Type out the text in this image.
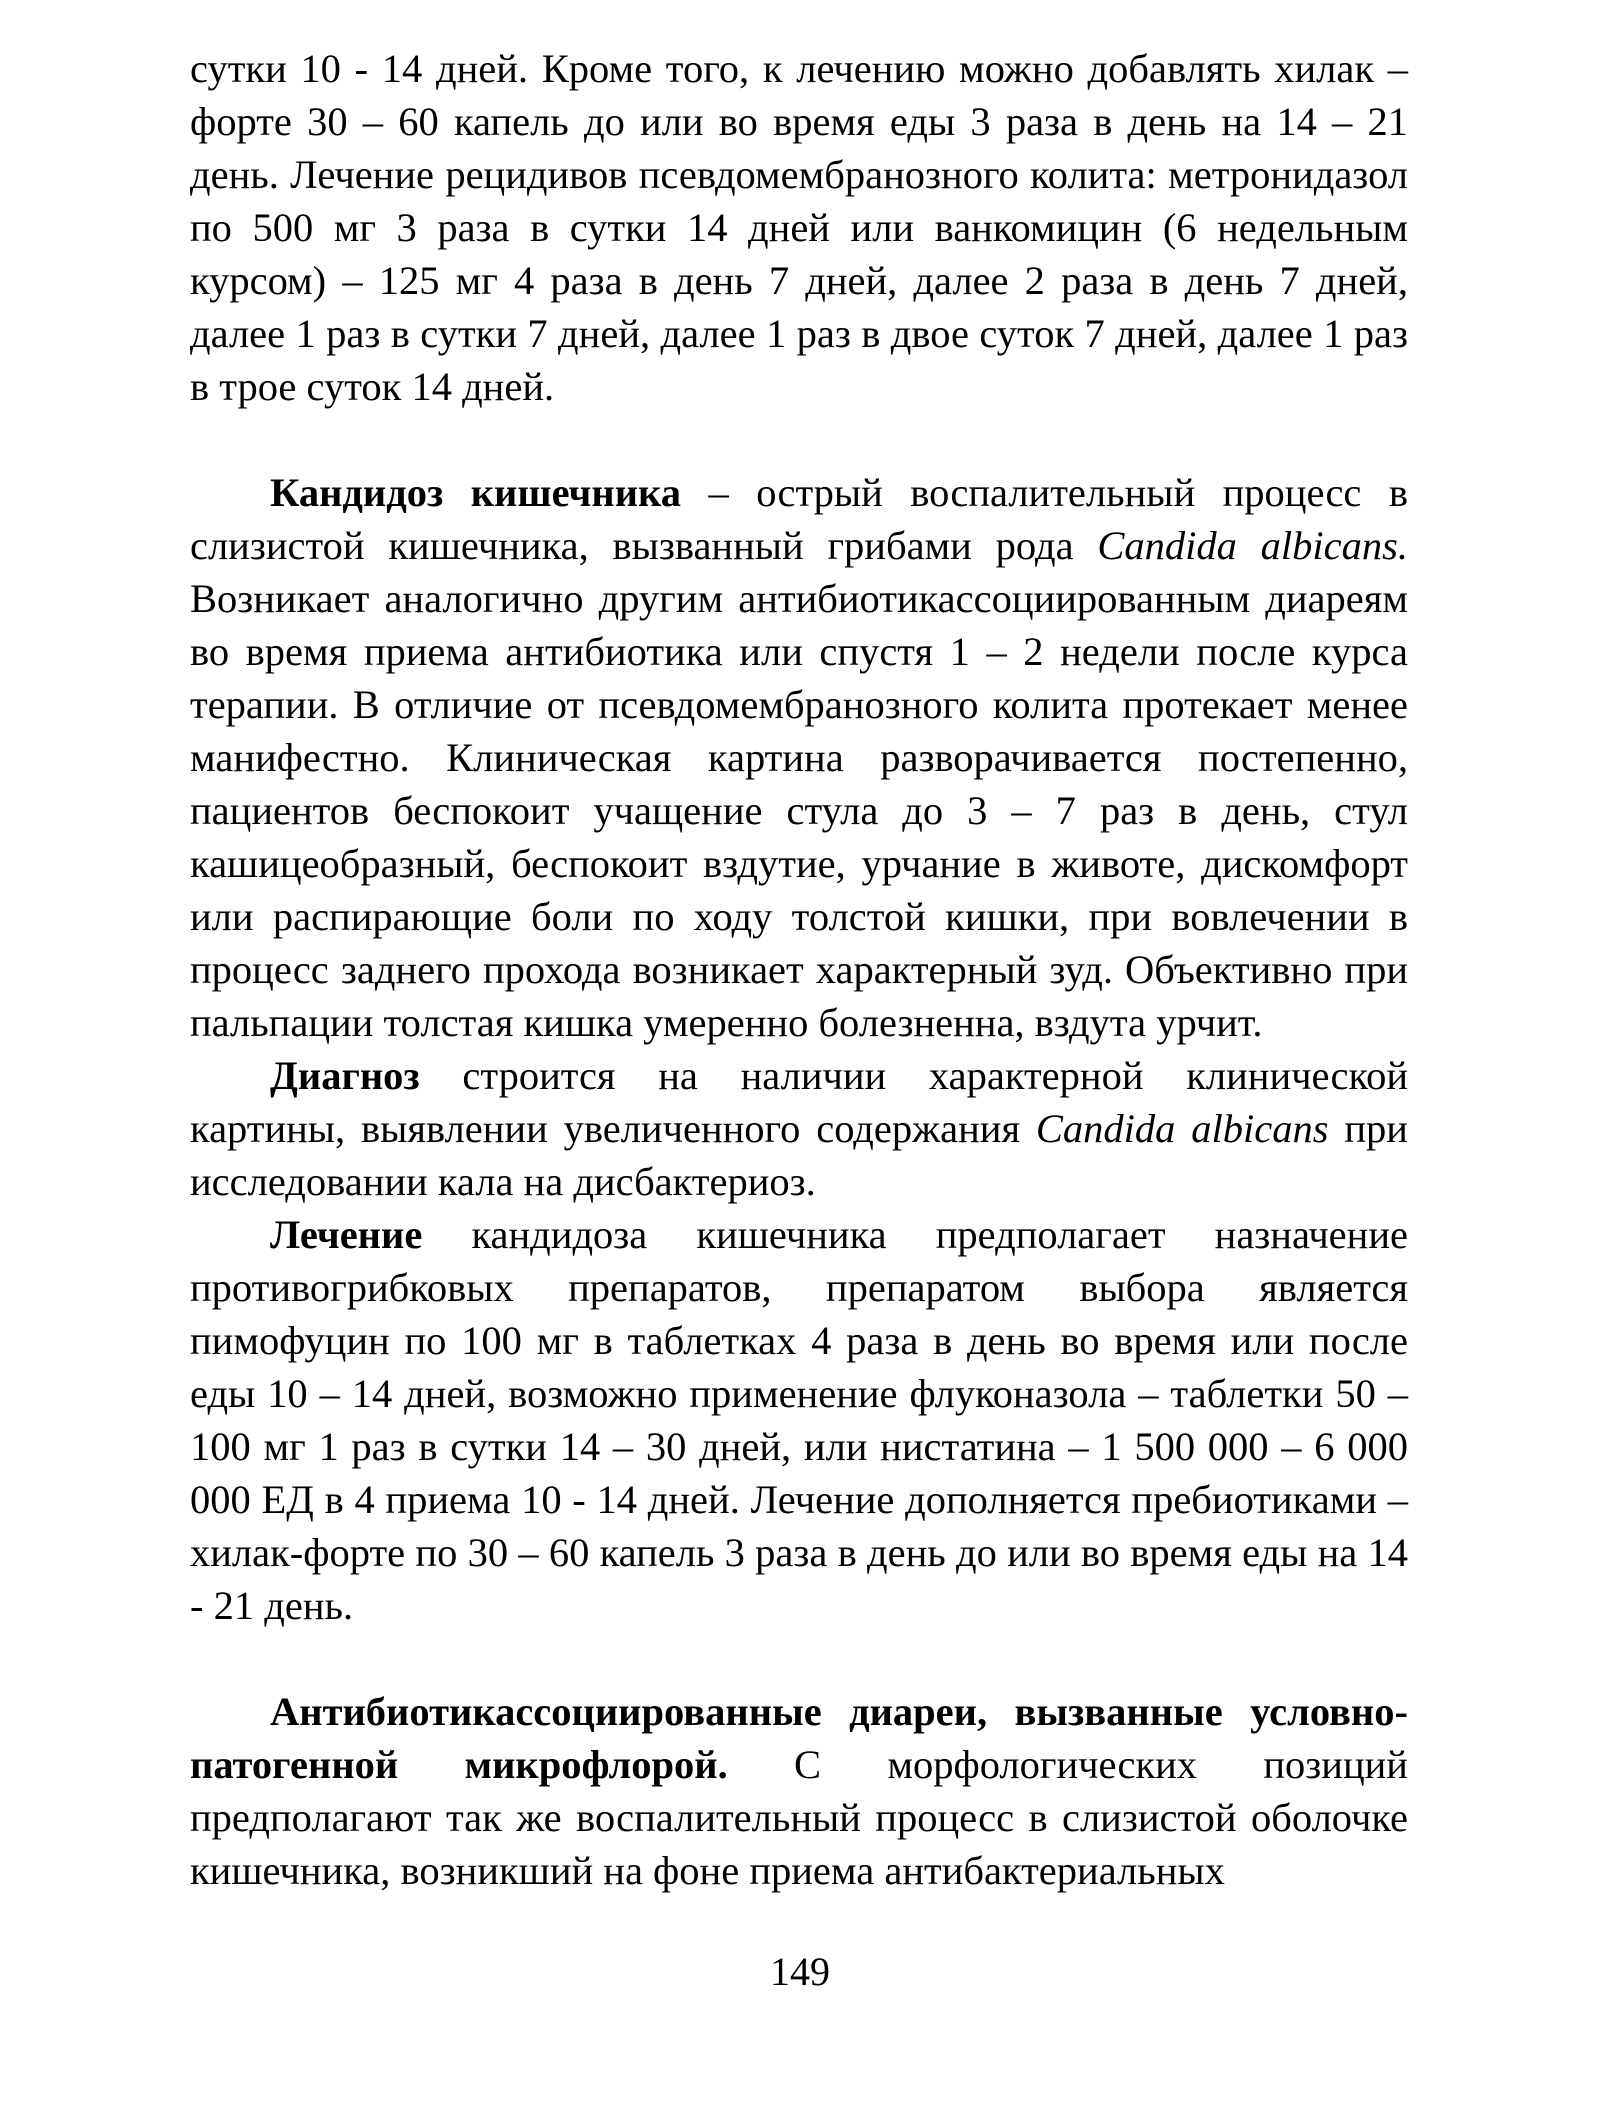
сутки 10 - 14 дней. Кроме того, к лечению можно добавлять хилак – форте 30 – 60 капель до или во время еды 3 раза в день на 14 – 21 день. Лечение рецидивов псевдомембранозного колита: метронидазол по 500 мг 3 раза в сутки 14 дней или ванкомицин (6 недельным курсом) – 125 мг 4 раза в день 7 дней, далее 2 раза в день 7 дней, далее 1 раз в сутки 7 дней, далее 1 раз в двое суток 7 дней, далее 1 раз в трое суток 14 дней.

Кандидоз кишечника – острый воспалительный процесс в слизистой кишечника, вызванный грибами рода Candida albicans. Возникает аналогично другим антибиотикассоциированным диареям во время приема антибиотика или спустя 1 – 2 недели после курса терапии. В отличие от псевдомембранозного колита протекает менее манифестно. Клиническая картина разворачивается постепенно, пациентов беспокоит учащение стула до 3 – 7 раз в день, стул кашицеобразный, беспокоит вздутие, урчание в животе, дискомфорт или распирающие боли по ходу толстой кишки, при вовлечении в процесс заднего прохода возникает характерный зуд. Объективно при пальпации толстая кишка умеренно болезненна, вздута урчит.

Диагноз строится на наличии характерной клинической картины, выявлении увеличенного содержания Candida albicans при исследовании кала на дисбактериоз.

Лечение кандидоза кишечника предполагает назначение противогрибковых препаратов, препаратом выбора является пимофуцин по 100 мг в таблетках 4 раза в день во время или после еды 10 – 14 дней, возможно применение флуконазола – таблетки 50 – 100 мг 1 раз в сутки 14 – 30 дней, или нистатина – 1 500 000 – 6 000 000 ЕД в 4 приема 10 - 14 дней. Лечение дополняется пребиотиками – хилак-форте по 30 – 60 капель 3 раза в день до или во время еды на 14 - 21 день.

Антибиотикассоциированные диареи, вызванные условно-патогенной микрофлорой. С морфологических позиций предполагают так же воспалительный процесс в слизистой оболочке кишечника, возникший на фоне приема антибактериальных

149
